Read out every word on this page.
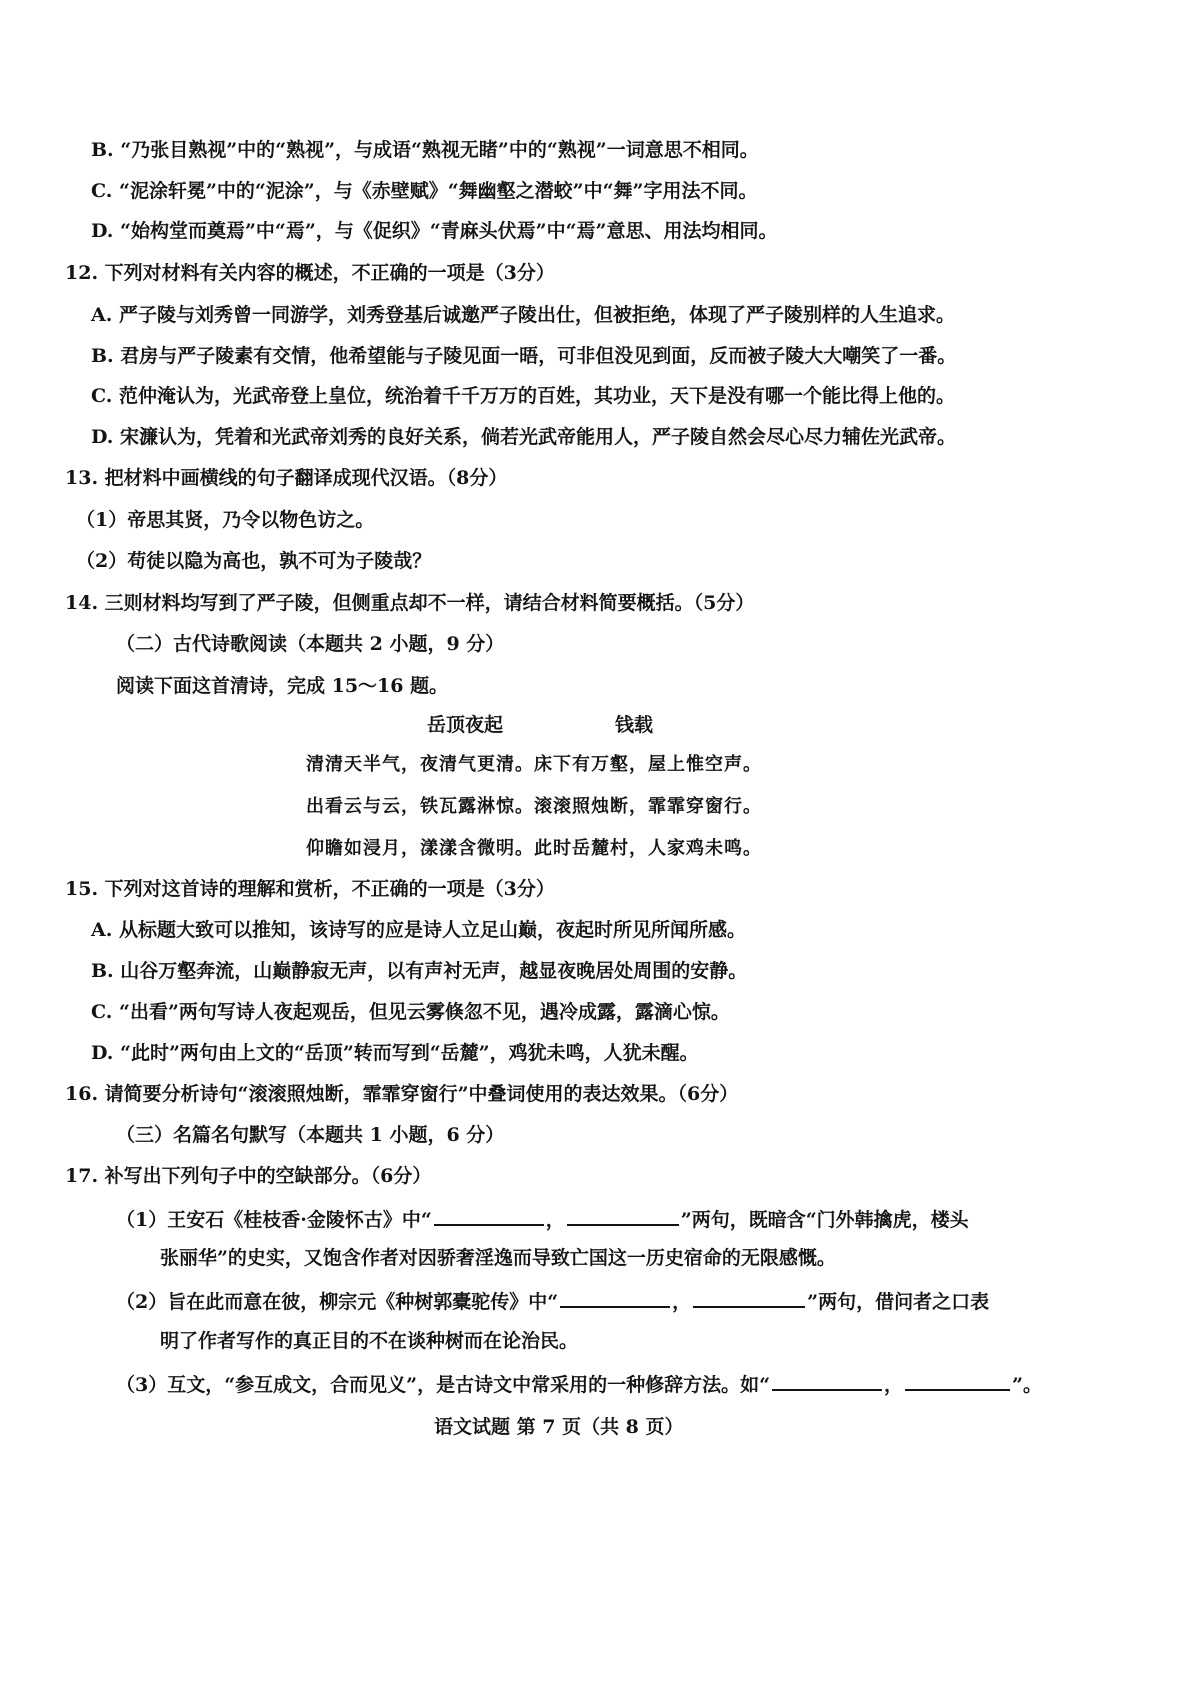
B. “乃张目熟视”中的“熟视”，与成语“熟视无睹”中的“熟视”一词意思不相同。
C. “泥涂轩冕”中的“泥涂”，与《赤壁赋》“舞幽壑之潜蛟”中“舞”字用法不同。
D. “始构堂而奠焉”中“焉”，与《促织》“青麻头伏焉”中“焉”意思、用法均相同。
12. 下列对材料有关内容的概述，不正确的一项是（3分）
A. 严子陵与刘秀曾一同游学，刘秀登基后诚邀严子陵出仕，但被拒绝，体现了严子陵别样的人生追求。
B. 君房与严子陵素有交情，他希望能与子陵见面一晤，可非但没见到面，反而被子陵大大嘲笑了一番。
C. 范仲淹认为，光武帝登上皇位，统治着千千万万的百姓，其功业，天下是没有哪一个能比得上他的。
D. 宋濂认为，凭着和光武帝刘秀的良好关系，倘若光武帝能用人，严子陵自然会尽心尽力辅佐光武帝。
13. 把材料中画横线的句子翻译成现代汉语。（8分）
（1）帝思其贤，乃令以物色访之。
（2）苟徒以隐为高也，孰不可为子陵哉？
14. 三则材料均写到了严子陵，但侧重点却不一样，请结合材料简要概括。（5分）
（二）古代诗歌阅读（本题共 2 小题，9 分）
阅读下面这首清诗，完成 15～16 题。
岳顶夜起	钱载
清清天半气，夜清气更清。床下有万壑，屋上惟空声。
出看云与云，铁瓦露淋惊。滚滚照烛断，霏霏穿窗行。
仰瞻如浸月，漾漾含微明。此时岳麓村，人家鸡未鸣。
15. 下列对这首诗的理解和赏析，不正确的一项是（3分）
A. 从标题大致可以推知，该诗写的应是诗人立足山巅，夜起时所见所闻所感。
B. 山谷万壑奔流，山巅静寂无声，以有声衬无声，越显夜晚居处周围的安静。
C. “出看”两句写诗人夜起观岳，但见云雾倏忽不见，遇冷成露，露滴心惊。
D. “此时”两句由上文的“岳顶”转而写到“岳麓”，鸡犹未鸣，人犹未醒。
16. 请简要分析诗句“滚滚照烛断，霏霏穿窗行”中叠词使用的表达效果。（6分）
（三）名篇名句默写（本题共 1 小题，6 分）
17. 补写出下列句子中的空缺部分。（6分）
（1）王安石《桂枝香·金陵怀古》中“	，	”两句，既暗含“门外韩擒虎，楼头
张丽华”的史实，又饱含作者对因骄奢淫逸而导致亡国这一历史宿命的无限感慨。
（2）旨在此而意在彼，柳宗元《种树郭橐驼传》中“	，	”两句，借问者之口表
明了作者写作的真正目的不在谈种树而在论治民。
（3）互文，“参互成文，合而见义”，是古诗文中常采用的一种修辞方法。如“	，	”。
语文试题 第 7 页（共 8 页）
